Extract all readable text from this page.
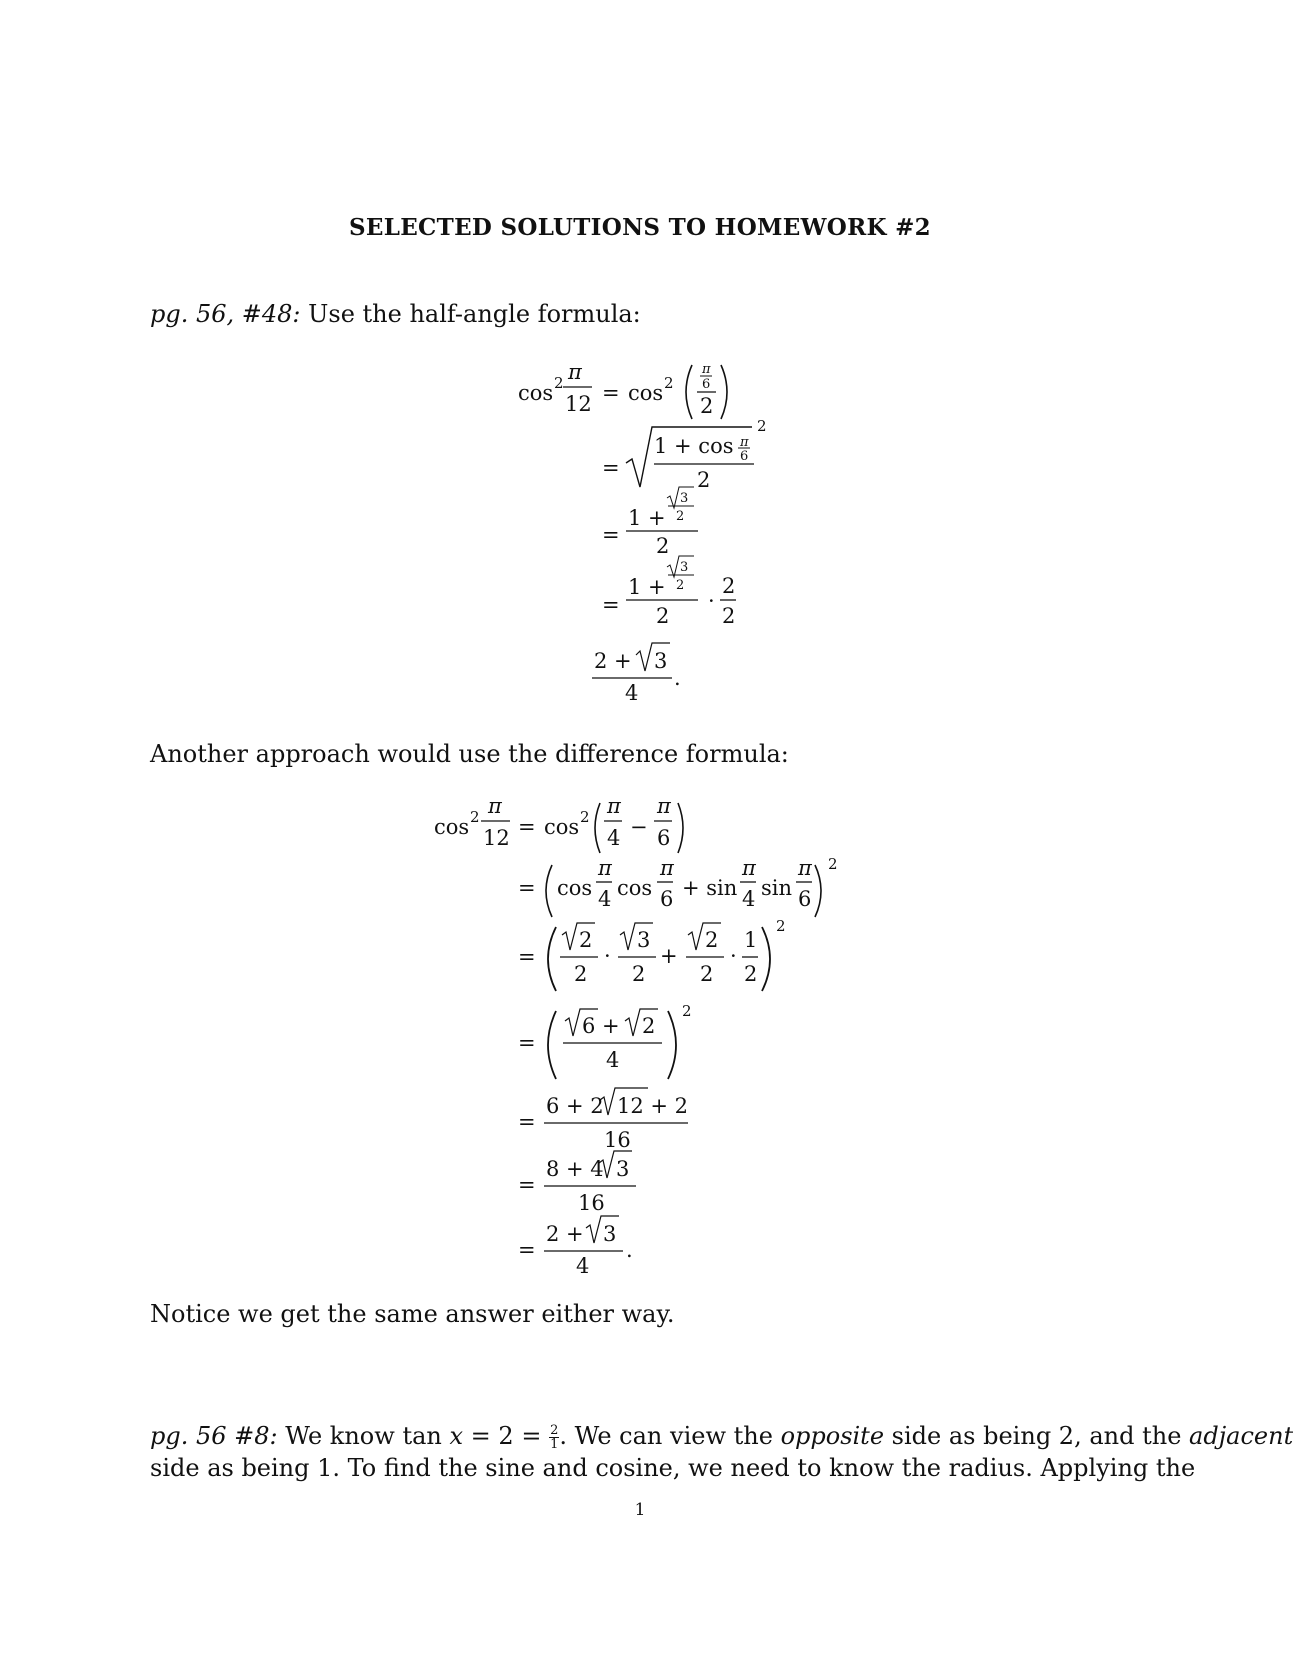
SELECTED SOLUTIONS TO HOMEWORK #2
pg. 56, #48: Use the half-angle formula:
cos 2 π
12 = cos 2
π
6
2
=
2
1 + cos π
6
2
=
1 +
3
2
2
=
1 +
3
2
2
·
2
2
2 + 3
4
.
Another approach would use the difference formula:
cos 2 π
12 = cos 2 π
4 −
π
6
= cos
π
4 cos
π
6 + sin
π
4 sin
π
6
2
=
2
2
·
3
2
+
2
2
·
1
2
2
=
6 + 2
4
2
=
6 + 2 12 + 2
16
=
8 + 4 3
16
=
2 + 3
4
.
Notice we get the same answer either way.
pg. 56 #8: We know $\tan x = 2 = \frac{2}{1}$ . We can view the opposite side as being 2, and the adjacent
side as being 1. To find the sine and cosine, we need to know the radius. Applying the
1
